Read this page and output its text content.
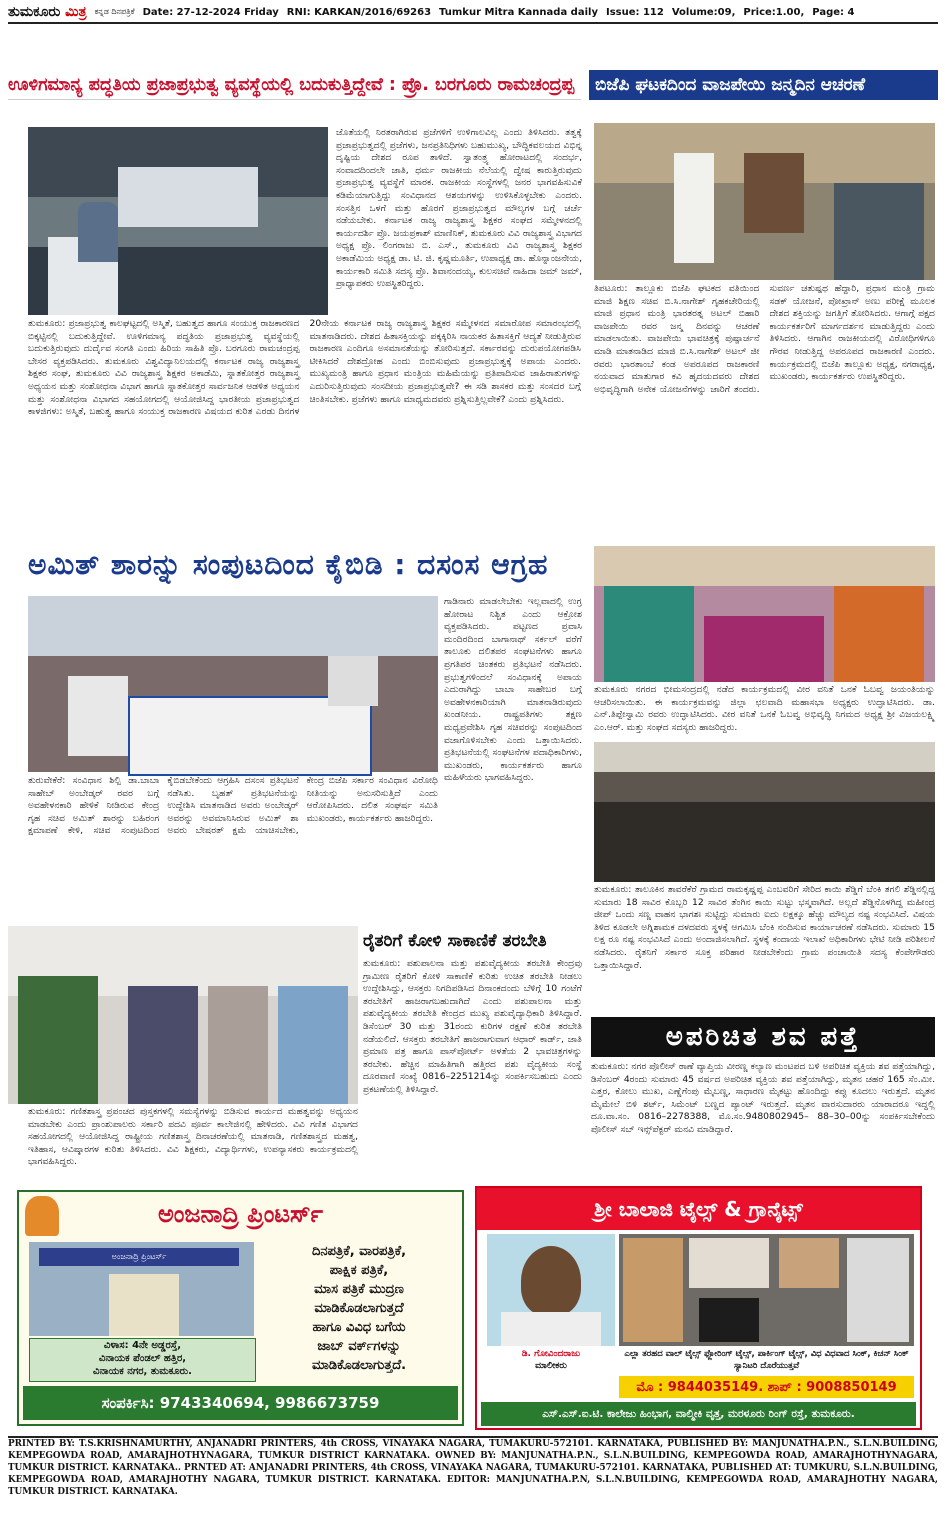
ತುಮಕೂರು ಮಿತ್ರ ಕನ್ನಡ ದಿನಪತ್ರಿಕೆ Date: 27-12-2024 Friday RNI: KARKAN/2016/69263 Tumkur Mitra Kannada daily Issue: 112 Volume:09, Price:1.00, Page: 4
ಊಳಿಗಮಾನ್ಯ ಪದ್ಧತಿಯ ಪ್ರಜಾಪ್ರಭುತ್ವ ವ್ಯವಸ್ಥೆಯಲ್ಲಿ ಬದುಕುತ್ತಿದ್ದೇವೆ : ಪ್ರೊ. ಬರಗೂರು ರಾಮಚಂದ್ರಪ್ಪ
ಜೊತೆಯಲ್ಲಿ ನಿರತರಾಗಿರುವ ಪ್ರಜೆಗಳಿಗೆ ಉಳಿಗಾಲವಿಲ್ಲ ಎಂದು ತಿಳಿಸಿದರು. ತತ್ವಕ್ಕೆ ಪ್ರಜಾಪ್ರಭುತ್ವದಲ್ಲಿ ಪ್ರಜೆಗಳು, ಜನಪ್ರತಿನಿಧಿಗಳು ಬಹುಮುಖ್ಯ, ಬೌದ್ಧಿಕವಲಯದ ವಿಭಿನ್ನ ದೃಷ್ಟಿಯ ದೇಶದ ರೂಪ ತಾಳಿದೆ. ಸ್ವಾತಂತ್ರ್ಯ ಹೋರಾಟದಲ್ಲಿ ಸಂದರ್ಭ, ಸಂವಾದದಿಂದಲೇ ಜಾತಿ, ಧರ್ಮ ರಾಜಕೀಯ ನೆಲೆಯಲ್ಲಿ ದ್ವೇಷ ಕಾರುತ್ತಿರುವುದು ಪ್ರಜಾಪ್ರಭುತ್ವ ವ್ಯವಸ್ಥೆಗೆ ಮಾರಕ. ರಾಜಕೀಯ ಸಂಸ್ಥೆಗಳಲ್ಲಿ ಜನರ ಭಾಗವಹಿಸುವಿಕೆ ಕಡಿಮೆಯಾಗುತ್ತಿದ್ದು ಸಂವಿಧಾನದ ಆಶಯಗಳನ್ನು ಉಳಿಸಿಕೊಳ್ಳಬೇಕು ಎಂದರು. ಸಂಸತ್ತಿನ ಒಳಗೆ ಮತ್ತು ಹೊರಗೆ ಪ್ರಜಾಪ್ರಭುತ್ವದ ಮೌಲ್ಯಗಳ ಬಗ್ಗೆ ಚರ್ಚೆ ನಡೆಯಬೇಕು. ಕರ್ನಾಟಕ ರಾಜ್ಯ ರಾಜ್ಯಶಾಸ್ತ್ರ ಶಿಕ್ಷಕರ ಸಂಘದ ಸಮ್ಮೇಳನದಲ್ಲಿ ಕಾರ್ಯದರ್ಶಿ ಪ್ರೊ. ಜಯಪ್ರಕಾಶ್ ಮಾಣಿನಿಕ್, ತುಮಕೂರು ವಿವಿ ರಾಜ್ಯಶಾಸ್ತ್ರ ವಿಭಾಗದ ಅಧ್ಯಕ್ಷ ಪ್ರೊ. ಲಿಂಗರಾಜು ಬಿ. ಎಸ್., ತುಮಕೂರು ವಿವಿ ರಾಜ್ಯಶಾಸ್ತ್ರ ಶಿಕ್ಷಕರ ಅಕಾಡೆಮಿಯ ಅಧ್ಯಕ್ಷ ಡಾ. ಟಿ. ಜಿ. ಕೃಷ್ಣಮೂರ್ತಿ, ಉಪಾಧ್ಯಕ್ಷ ಡಾ. ಹೊನ್ನಾಂಜನೇಯ, ಕಾರ್ಯಕಾರಿ ಸಮಿತಿ ಸದಸ್ಯ ಪ್ರೊ. ಶಿವಾನಂದಯ್ಯ, ಕುಲಸಚಿವೆ ನಾಹಿದಾ ಜಮ್ ಜಮ್, ಪ್ರಾಧ್ಯಾಪಕರು ಉಪಸ್ಥಿತರಿದ್ದರು.
ತುಮಕೂರು: ಪ್ರಜಾಪ್ರಭುತ್ವ ಕಾಲಘಟ್ಟದಲ್ಲಿ ಅಸ್ಮಿತೆ, ಬಹುತ್ವದ ಹಾಗೂ ಸಂಯುಕ್ತ ರಾಜಕಾರಣದ ಬಿಕ್ಕಟ್ಟಿನಲ್ಲಿ ಬದುಕುತ್ತಿದ್ದೇವೆ. ಊಳಿಗಮಾನ್ಯ ಪದ್ಧತಿಯ ಪ್ರಜಾಪ್ರಭುತ್ವ ವ್ಯವಸ್ಥೆಯಲ್ಲಿ ಬದುಕುತ್ತಿರುವುದು ದುರ್ದೈವ ಸಂಗತಿ ಎಂದು ಹಿರಿಯ ಸಾಹಿತಿ ಪ್ರೊ. ಬರಗೂರು ರಾಮಚಂದ್ರಪ್ಪ ಬೇಸರ ವ್ಯಕ್ತಪಡಿಸಿದರು. ತುಮಕೂರು ವಿಶ್ವವಿದ್ಯಾನಿಲಯದಲ್ಲಿ ಕರ್ನಾಟಕ ರಾಜ್ಯ ರಾಜ್ಯಶಾಸ್ತ್ರ ಶಿಕ್ಷಕರ ಸಂಘ, ತುಮಕೂರು ವಿವಿ ರಾಜ್ಯಶಾಸ್ತ್ರ ಶಿಕ್ಷಕರ ಅಕಾಡೆಮಿ, ಸ್ನಾತಕೋತ್ತರ ರಾಜ್ಯಶಾಸ್ತ್ರ ಅಧ್ಯಯನ ಮತ್ತು ಸಂಶೋಧನಾ ವಿಭಾಗ ಹಾಗೂ ಸ್ನಾತಕೋತ್ತರ ಸಾರ್ವಜನಿಕ ಆಡಳಿತ ಅಧ್ಯಯನ ಮತ್ತು ಸಂಶೋಧನಾ ವಿಭಾಗದ ಸಹಯೋಗದಲ್ಲಿ ಆಯೋಜಿಸಿದ್ದ ಭಾರತೀಯ ಪ್ರಜಾಪ್ರಭುತ್ವದ ಕಾಳಜಿಗಳು: ಅಸ್ಮಿತೆ, ಬಹುತ್ವ ಹಾಗೂ ಸಂಯುಕ್ತ ರಾಜಕಾರಣ ವಿಷಯದ ಕುರಿತ ಎರಡು ದಿನಗಳ 20ನೇಯ ಕರ್ನಾಟಕ ರಾಜ್ಯ ರಾಜ್ಯಶಾಸ್ತ್ರ ಶಿಕ್ಷಕರ ಸಮ್ಮೇಳನದ ಸಮಾರೋಪ ಸಮಾರಂಭದಲ್ಲಿ ಮಾತನಾಡಿದರು. ದೇಶದ ಹಿತಾಸಕ್ತಿಯನ್ನು ಪಕ್ಕಕ್ಕಿರಿಸಿ ನಾಯಕರ ಹಿತಾಸಕ್ತಿಗೆ ಆದ್ಯತೆ ನೀಡುತ್ತಿರುವ ರಾಜಕಾರಣ ಎಂದಿಗೂ ಅಸಮಾನತೆಯನ್ನು ತೋರಿಸುತ್ತದೆ. ಸರ್ಕಾರವನ್ನು ದುರುಪಯೋಗಪಡಿಸಿ ಟೀಕಿಸಿದರೆ ದೇಶದ್ರೋಹ ಎಂದು ಬಿಂಬಿಸುವುದು ಪ್ರಜಾಪ್ರಭುತ್ವಕ್ಕೆ ಅಪಾಯ ಎಂದರು. ಮುಖ್ಯಮಂತ್ರಿ ಹಾಗೂ ಪ್ರಧಾನ ಮಂತ್ರಿಯ ಮಹಿಮೆಯನ್ನು ಪ್ರತಿಪಾದಿಸುವ ಜಾಹಿರಾತುಗಳನ್ನು ಎದುರಿಸುತ್ತಿರುವುದು ಸಂಸದೀಯ ಪ್ರಜಾಪ್ರಭುತ್ವವೇ? ಈ ಸಡಿ ಶಾಸಕರ ಮತ್ತು ಸಂಸದರ ಬಗ್ಗೆ ಚಿಂತಿಸಬೇಕು. ಪ್ರಜೆಗಳು ಹಾಗೂ ಮಾಧ್ಯಮದವರು ಪ್ರಶ್ನಿಸುತ್ತಿಲ್ಲವೇಕೆ? ಎಂದು ಪ್ರಶ್ನಿಸಿದರು.
ಬಿಜೆಪಿ ಘಟಕದಿಂದ ವಾಜಪೇಯಿ ಜನ್ಮದಿನ ಆಚರಣೆ
ತಿಪಟೂರು: ತಾಲ್ಲೂಕು ಬಿಜೆಪಿ ಘಟಕದ ವತಿಯಿಂದ ಮಾಜಿ ಶಿಕ್ಷಣ ಸಚಿವ ಬಿ.ಸಿ.ನಾಗೇಶ್ ಗೃಹಕಚೇರಿಯಲ್ಲಿ ಮಾಜಿ ಪ್ರಧಾನ ಮಂತ್ರಿ ಭಾರತರತ್ನ ಅಟಲ್ ಬಿಹಾರಿ ವಾಜಪೇಯಿ ರವರ ಜನ್ಮ ದಿನವನ್ನು ಆಚರಣೆ ಮಾಡಲಾಯಿತು. ವಾಜಪೇಯಿ ಭಾವಚಿತ್ರಕ್ಕೆ ಪುಷ್ಪಾರ್ಚನೆ ಮಾಡಿ ಮಾತನಾಡಿದ ಮಾಜಿ ಬಿ.ಸಿ.ನಾಗೇಶ್ ಅಟಲ್ ಜೀ ರವರು ಭಾರತಾಂಬೆ ಕಂಡ ಅಪರೂಪದ ರಾಜಕಾರಣಿ ನಯವಾದ ಮಾತುಗಾರ ಕವಿ ಹೃದಯದವರು ದೇಶದ ಅಭಿವೃದ್ಧಿಗಾಗಿ ಅನೇಕ ಯೋಜನೆಗಳನ್ನು ಜಾರಿಗೆ ತಂದರು. ಸುವರ್ಣ ಚತುಷ್ಪಥ ಹೆದ್ದಾರಿ, ಪ್ರಧಾನ ಮಂತ್ರಿ ಗ್ರಾಮ ಸಡಕ್ ಯೋಜನೆ, ಪೋಖ್ರಾನ್ ಅಣು ಪರೀಕ್ಷೆ ಮೂಲಕ ದೇಶದ ಶಕ್ತಿಯನ್ನು ಜಗತ್ತಿಗೆ ತೋರಿಸಿದರು. ಆಗಾಗ್ಗೆ ಪಕ್ಷದ ಕಾರ್ಯಕರ್ತರಿಗೆ ಮಾರ್ಗದರ್ಶನ ಮಾಡುತ್ತಿದ್ದರು ಎಂದು ತಿಳಿಸಿದರು. ಆಗಾಗಿನ ರಾಜಕೀಯದಲ್ಲಿ ವಿರೋಧಿಗಳಿಗೂ ಗೌರವ ನೀಡುತ್ತಿದ್ದ ಅಪರೂಪದ ರಾಜಕಾರಣಿ ಎಂದರು. ಕಾರ್ಯಕ್ರಮದಲ್ಲಿ ಬಿಜೆಪಿ ತಾಲ್ಲೂಕು ಅಧ್ಯಕ್ಷ, ನಗರಾಧ್ಯಕ್ಷ, ಮುಖಂಡರು, ಕಾರ್ಯಕರ್ತರು ಉಪಸ್ಥಿತರಿದ್ದರು.
ಅಮಿತ್ ಶಾರನ್ನು ಸಂಪುಟದಿಂದ ಕೈಬಿಡಿ : ದಸಂಸ ಆಗ್ರಹ
ಗಾಡಿನಾರು ಮಾಡಲೇಬೇಕು ಇಲ್ಲವಾದಲ್ಲಿ ಉಗ್ರ ಹೋರಾಟ ನಿಶ್ಚಿತ ಎಂದು ಆಕ್ರೋಶ ವ್ಯಕ್ತಪಡಿಸಿದರು. ಪಟ್ಟಣದ ಪ್ರವಾಸಿ ಮಂದಿರದಿಂದ ಬಾಗಾನಾಥ್ ಸರ್ಕಲ್ ವರೆಗೆ ತಾಲೂಕು ದಲಿತಪರ ಸಂಘಟನೆಗಳು ಹಾಗೂ ಪ್ರಗತಿಪರ ಚಿಂತಕರು ಪ್ರತಿಭಟನೆ ನಡೆಸಿದರು. ಪ್ರಭುತ್ವಗಳಿಂದಲೆ ಸಂವಿಧಾನಕ್ಕೆ ಅಪಾಯ ಎದುರಾಗಿದ್ದು ಬಾಬಾ ಸಾಹೇಬರ ಬಗ್ಗೆ ಅವಹೇಳನಕಾರಿಯಾಗಿ ಮಾತನಾಡಿರುವುದು ಖಂಡನೀಯ. ರಾಷ್ಟ್ರಪತಿಗಳು ತಕ್ಷಣ ಮಧ್ಯಪ್ರವೇಶಿಸಿ ಗೃಹ ಸಚಿವರನ್ನು ಸಂಪುಟದಿಂದ ವಜಾಗೊಳಿಸಬೇಕು ಎಂದು ಒತ್ತಾಯಿಸಿದರು. ಪ್ರತಿಭಟನೆಯಲ್ಲಿ ಸಂಘಟನೆಗಳ ಪದಾಧಿಕಾರಿಗಳು, ಮುಖಂಡರು, ಕಾರ್ಯಕರ್ತರು ಹಾಗೂ ಮಹಿಳೆಯರು ಭಾಗವಹಿಸಿದ್ದರು.
ತುರುವೇಕೆರೆ: ಸಂವಿಧಾನ ಶಿಲ್ಪಿ ಡಾ.ಬಾಬಾ ಸಾಹೇಬ್ ಅಂಬೇಡ್ಕರ್ ರವರ ಬಗ್ಗೆ ಅವಹೇಳನಕಾರಿ ಹೇಳಿಕೆ ನೀಡಿರುವ ಕೇಂದ್ರ ಗೃಹ ಸಚಿವ ಅಮಿತ್ ಶಾರನ್ನು ಬಹಿರಂಗ ಕ್ಷಮಾಪಣೆ ಕೇಳಿ, ಸಚಿವ ಸಂಪುಟದಿಂದ ಕೈಬಿಡಬೇಕೆಂದು ಆಗ್ರಹಿಸಿ ದಸಂಸ ಪ್ರತಿಭಟನೆ ನಡೆಸಿತು. ಬೃಹತ್ ಪ್ರತಿಭಟನೆಯನ್ನು ಉದ್ದೇಶಿಸಿ ಮಾತನಾಡಿದ ಅವರು ಅಂಬೇಡ್ಕರ್ ಅವರನ್ನು ಅವಮಾನಿಸಿರುವ ಅಮಿತ್ ಶಾ ಅವರು ಬೇಷರತ್ ಕ್ಷಮೆ ಯಾಚಿಸಬೇಕು, ಕೇಂದ್ರ ಬಿಜೆಪಿ ಸರ್ಕಾರ ಸಂವಿಧಾನ ವಿರೋಧಿ ನೀತಿಯನ್ನು ಅನುಸರಿಸುತ್ತಿದೆ ಎಂದು ಆರೋಪಿಸಿದರು. ದಲಿತ ಸಂಘರ್ಷ ಸಮಿತಿ ಮುಖಂಡರು, ಕಾರ್ಯಕರ್ತರು ಹಾಜರಿದ್ದರು.
ತುಮಕೂರು ನಗರದ ಭೀಮಸಂದ್ರದಲ್ಲಿ ನಡೆದ ಕಾರ್ಯಕ್ರಮದಲ್ಲಿ ವೀರ ವನಿತೆ ಒನಕೆ ಓಬವ್ವ ಜಯಂತಿಯನ್ನು ಆಚರಿಸಲಾಯಿತು. ಈ ಕಾರ್ಯಕ್ರಮವನ್ನು ಜಿಲ್ಲಾ ಛಲವಾದಿ ಮಹಾಸಭಾ ಅಧ್ಯಕ್ಷರು ಉದ್ಘಾಟಿಸಿದರು. ಡಾ. ಎನ್.ತಿಪ್ಪೇಸ್ವಾಮಿ ರವರು ಉದ್ಘಾಟಿಸಿದರು. ವೀರ ವನಿತೆ ಒನಕೆ ಓಬವ್ವ ಅಭಿವೃದ್ಧಿ ನಿಗಮದ ಅಧ್ಯಕ್ಷ ಶ್ರೀ ವಿಜಯಲಕ್ಷ್ಮಿ ಎಂ.ಆರ್. ಮತ್ತು ಸಂಘದ ಸದಸ್ಯರು ಹಾಜರಿದ್ದರು.
ತುಮಕೂರು: ತಾಲೂಕಿನ ತಾವರೆಕೆರೆ ಗ್ರಾಮದ ರಾಮಕೃಷ್ಣಪ್ಪ ಎಂಬವರಿಗೆ ಸೇರಿದ ಕಾಯಿ ಶೆಡ್ಡಿಗೆ ಬೆಂಕಿ ತಗಲಿ ಶೆಡ್ಡಿನಲ್ಲಿದ್ದ ಸುಮಾರು 18 ಸಾವಿರ ಕೊಬ್ಬರಿ 12 ಸಾವಿರ ತೆಂಗಿನ ಕಾಯಿ ಸುಟ್ಟು ಭಸ್ಮವಾಗಿದೆ. ಅಲ್ಲದೆ ಶೆಡ್ಡಿನೊಳಗಿದ್ದ ಮಹೀಂದ್ರ ಜೀಪ್ ಒಂದು ಸಣ್ಣ ವಾಹನ ಭಾಗಶಃ ಸುಟ್ಟಿದ್ದು ಸುಮಾರು ಐದು ಲಕ್ಷಕ್ಕೂ ಹೆಚ್ಚು ಮೌಲ್ಯದ ನಷ್ಟ ಸಂಭವಿಸಿದೆ. ವಿಷಯ ತಿಳಿದ ಕೂಡಲೇ ಅಗ್ನಿಶಾಮಕ ದಳದವರು ಸ್ಥಳಕ್ಕೆ ಆಗಮಿಸಿ ಬೆಂಕಿ ನಂದಿಸುವ ಕಾರ್ಯಾಚರಣೆ ನಡೆಸಿದರು. ಸುಮಾರು 15 ಲಕ್ಷ ರೂ ನಷ್ಟ ಸಂಭವಿಸಿದೆ ಎಂದು ಅಂದಾಜಿಸಲಾಗಿದೆ. ಸ್ಥಳಕ್ಕೆ ಕಂದಾಯ ಇಲಾಖೆ ಅಧಿಕಾರಿಗಳು ಭೇಟಿ ನೀಡಿ ಪರಿಶೀಲನೆ ನಡೆಸಿದರು. ರೈತನಿಗೆ ಸರ್ಕಾರ ಸೂಕ್ತ ಪರಿಹಾರ ನೀಡಬೇಕೆಂದು ಗ್ರಾಮ ಪಂಚಾಯಿತಿ ಸದಸ್ಯ ಕೆಂಪೇಗೌಡರು ಒತ್ತಾಯಿಸಿದ್ದಾರೆ.
ರೈತರಿಗೆ ಕೋಳಿ ಸಾಕಾಣಿಕೆ ತರಬೇತಿ
ತುಮಕೂರು: ಪಶುಪಾಲನಾ ಮತ್ತು ಪಶುವೈದ್ಯಕೀಯ ತರಬೇತಿ ಕೇಂದ್ರವು ಗ್ರಾಮೀಣ ರೈತರಿಗೆ ಕೋಳಿ ಸಾಕಾಣಿಕೆ ಕುರಿತು ಉಚಿತ ತರಬೇತಿ ನೀಡಲು ಉದ್ದೇಶಿಸಿದ್ದು, ಆಸಕ್ತರು ನಿಗದಿಪಡಿಸಿದ ದಿನಾಂಕದಂದು ಬೆಳಿಗ್ಗೆ 10 ಗಂಟೆಗೆ ತರಬೇತಿಗೆ ಹಾಜರಾಗಬಹುದಾಗಿದೆ ಎಂದು ಪಶುಪಾಲನಾ ಮತ್ತು ಪಶುವೈದ್ಯಕೀಯ ತರಬೇತಿ ಕೇಂದ್ರದ ಮುಖ್ಯ ಪಶುವೈದ್ಯಾಧಿಕಾರಿ ತಿಳಿಸಿದ್ದಾರೆ. ಡಿಸೆಂಬರ್ 30 ಮತ್ತು 31ರಂದು ಕುರಿಗಳ ರಕ್ಷಣೆ ಕುರಿತ ತರಬೇತಿ ನಡೆಯಲಿದೆ. ಆಸಕ್ತರು ತರಬೇತಿಗೆ ಹಾಜರಾಗುವಾಗ ಆಧಾರ್ ಕಾರ್ಡ್, ಜಾತಿ ಪ್ರಮಾಣ ಪತ್ರ ಹಾಗೂ ಪಾಸ್‌ಪೋರ್ಟ್ ಅಳತೆಯ 2 ಭಾವಚಿತ್ರಗಳನ್ನು ತರಬೇಕು. ಹೆಚ್ಚಿನ ಮಾಹಿತಿಗಾಗಿ ಹತ್ತಿರದ ಪಶು ವೈದ್ಯಕೀಯ ಸಂಸ್ಥೆ ದೂರವಾಣಿ ಸಂಖ್ಯೆ 0816–2251214ನ್ನು ಸಂಪರ್ಕಿಸಬಹುದು ಎಂದು ಪ್ರಕಟಣೆಯಲ್ಲಿ ತಿಳಿಸಿದ್ದಾರೆ.
ತುಮಕೂರು: ಗಣಿತಶಾಸ್ತ್ರ ಪ್ರಪಂಚದ ಪುಸ್ತಕಗಳಲ್ಲಿ ಸಮಸ್ಯೆಗಳನ್ನು ಬಿಡಿಸುವ ಕಾರ್ಯದ ಮಹತ್ವವನ್ನು ಅಧ್ಯಯನ ಮಾಡಬೇಕು ಎಂದು ಪ್ರಾಂಶುಪಾಲರು ಸರ್ಕಾರಿ ಪದವಿ ಪೂರ್ವ ಕಾಲೇಜಿನಲ್ಲಿ ಹೇಳಿದರು. ವಿವಿ ಗಣಿತ ವಿಭಾಗದ ಸಹಯೋಗದಲ್ಲಿ ಆಯೋಜಿಸಿದ್ದ ರಾಷ್ಟ್ರೀಯ ಗಣಿತಶಾಸ್ತ್ರ ದಿನಾಚರಣೆಯಲ್ಲಿ ಮಾತನಾಡಿ, ಗಣಿತಶಾಸ್ತ್ರದ ಮಹತ್ವ, ಇತಿಹಾಸ, ಆವಿಷ್ಕಾರಗಳ ಕುರಿತು ತಿಳಿಸಿದರು. ವಿವಿ ಶಿಕ್ಷಕರು, ವಿದ್ಯಾರ್ಥಿಗಳು, ಉಪನ್ಯಾಸಕರು ಕಾರ್ಯಕ್ರಮದಲ್ಲಿ ಭಾಗವಹಿಸಿದ್ದರು.
ಅಪರಿಚಿತ ಶವ ಪತ್ತೆ
ತುಮಕೂರು: ನಗರ ಪೊಲೀಸ್ ಠಾಣೆ ವ್ಯಾಪ್ತಿಯ ವೀರಣ್ಣ ಕಲ್ಯಾಣ ಮಂಟಪದ ಬಳಿ ಅಪರಿಚಿತ ವ್ಯಕ್ತಿಯ ಶವ ಪತ್ತೆಯಾಗಿದ್ದು, ಡಿಸೆಂಬರ್ 4ರಂದು ಸುಮಾರು 45 ವರ್ಷದ ಅಪರಿಚಿತ ವ್ಯಕ್ತಿಯ ಶವ ಪತ್ತೆಯಾಗಿದ್ದು, ಮೃತನ ಚಹರೆ 165 ಸೆಂ.ಮೀ. ಎತ್ತರ, ಕೋಲು ಮುಖ, ಎಣ್ಣೆಗೆಂಪು ಮೈಬಣ್ಣ, ಸಾಧಾರಣ ಮೈಕಟ್ಟು ಹೊಂದಿದ್ದು ಕಪ್ಪು ಕೂದಲು ಇರುತ್ತದೆ. ಮೃತನ ಮೈಮೇಲೆ ಬಿಳಿ ಶರ್ಟ್, ಸಿಮೆಂಟ್ ಬಣ್ಣದ ಪ್ಯಾಂಟ್ ಇರುತ್ತದೆ. ಮೃತನ ವಾರಸುದಾರರು ಯಾರಾದರೂ ಇದ್ದಲ್ಲಿ ದೂ.ವಾ.ಸಂ. 0816–2278388, ಮೊ.ಸಂ.9480802945– 88–30–00ನ್ನು ಸಂಪರ್ಕಿಸಬೇಕೆಂದು ಪೊಲೀಸ್ ಸಬ್ ಇನ್ಸ್‌ಪೆಕ್ಟರ್ ಮನವಿ ಮಾಡಿದ್ದಾರೆ.
ಅಂಜನಾದ್ರಿ ಪ್ರಿಂಟರ್ಸ್
ಅಂಜನಾದ್ರಿ ಪ್ರಿಂಟರ್ಸ್	ದಿನಪತ್ರಿಕೆ, ವಾರಪತ್ರಿಕೆ,
ಪಾಕ್ಷಿಕ ಪತ್ರಿಕೆ,
ಮಾಸ ಪತ್ರಿಕೆ ಮುದ್ರಣ
ಮಾಡಿಕೊಡಲಾಗುತ್ತದೆ
ಹಾಗೂ ವಿವಿಧ ಬಗೆಯ
ಜಾಬ್ ವರ್ಕ್‌ಗಳನ್ನು
ಮಾಡಿಕೊಡಲಾಗುತ್ತದೆ.
ವಿಳಾಸ: 4ನೇ ಅಡ್ಡರಸ್ತೆ,
ವಿನಾಯಕ ಪೆಂಡಲ್ ಹತ್ತಿರ,
ವಿನಾಯಕ ನಗರ, ತುಮಕೂರು.
ಸಂಪರ್ಕಿಸಿ: 9743340694, 9986673759
ಶ್ರೀ ಬಾಲಾಜಿ ಟೈಲ್ಸ್ & ಗ್ರಾನೈಟ್ಸ್
ಡಿ. ಗೋವಿಂದರಾಜು
ಮಾಲೀಕರು
ಎಲ್ಲಾ ತರಹದ ವಾಲ್ ಟೈಲ್ಸ್ ಫ್ಲೋರಿಂಗ್ ಟೈಲ್ಸ್, ಪಾರ್ಕಿಂಗ್ ಟೈಲ್ಸ್, ವಿಧ ವಿಧವಾದ ಸಿಂಕ್, ಕಿಚನ್ ಸಿಂಕ್ ಸ್ಯಾನಿಟರಿ ದೊರೆಯುತ್ತವೆ
ಮೊ : 9844035149. ಶಾಪ್ : 9008850149
ಎಸ್.ಎಸ್.ಐ.ಟಿ. ಕಾಲೇಜು ಹಿಂಭಾಗ, ವಾಲ್ಮೀಕಿ ವೃತ್ತ, ಮರಳೂರು ರಿಂಗ್ ರಸ್ತೆ, ತುಮಕೂರು.
PRINTED BY: T.S.KRISHNAMURTHY, ANJANADRI PRINTERS, 4th CROSS, VINAYAKA NAGARA, TUMAKURU-572101. KARNATAKA, PUBLISHED BY: MANJUNATHA.P.N., S.L.N.BUILDING, KEMPEGOWDA ROAD, AMARAJHOTHYNAGARA, TUMKUR DISTRICT KARNATAKA. OWNED BY: MANJUNATHA.P.N., S.L.N.BUILDING, KEMPEGOWDA ROAD, AMARAJHOTHYNAGARA, TUMKUR DISTRICT. KARNATAKA.. PRNTED AT: ANJANADRI PRINTERS, 4th CROSS, VINAYAKA NAGARA, TUMAKURU-572101. KARNATAKA, PUBLISHED AT: TUMKURU, S.L.N.BUILDING, KEMPEGOWDA ROAD, AMARAJHOTHY NAGARA, TUMKUR DISTRICT. KARNATAKA. EDITOR: MANJUNATHA.P.N, S.L.N.BUILDING, KEMPEGOWDA ROAD, AMARAJHOTHY NAGARA, TUMKUR DISTRICT. KARNATAKA.
